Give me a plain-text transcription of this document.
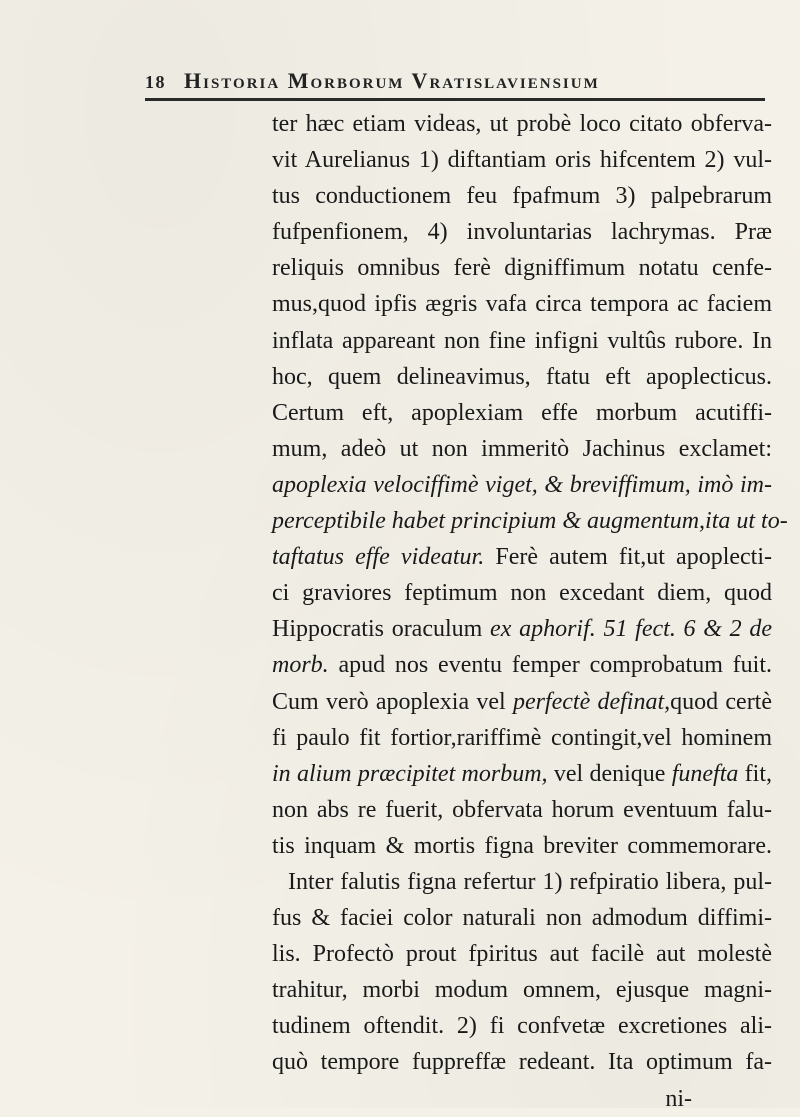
18 Historia Morborum Vratislaviensium
ter hæc etiam videas, ut probè loco citato obferva-
vit Aurelianus 1) diftantiam oris hifcentem 2) vul-
tus conductionem feu fpafmum 3) palpebrarum
fufpenfionem, 4) involuntarias lachrymas. Præ
reliquis omnibus ferè digniffimum notatu cenfe-
mus,quod ipfis ægris vafa circa tempora ac faciem
inflata appareant non fine infigni vultûs rubore. In
hoc, quem delineavimus, ftatu eft apoplecticus.
Certum eft, apoplexiam effe morbum acutiffi-
mum, adeò ut non immeritò Jachinus exclamet:
apoplexia velociffimè viget, & breviffimum, imò im-
perceptibile habet principium & augmentum,ita ut to-
taftatus effe videatur. Ferè autem fit,ut apoplecti-
ci graviores feptimum non excedant diem, quod
Hippocratis oraculum ex aphorif. 51 fect. 6 & 2 de
morb. apud nos eventu femper comprobatum fuit.
Cum verò apoplexia vel perfectè definat,quod certè
fi paulo fit fortior,rariffimè contingit,vel hominem
in alium præcipitet morbum, vel denique funefta fit,
non abs re fuerit, obfervata horum eventuum falu-
tis inquam & mortis figna breviter commemorare.
Inter falutis figna refertur 1) refpiratio libera, pul-
fus & faciei color naturali non admodum diffimi-
lis. Profectò prout fpiritus aut facilè aut molestè
trahitur, morbi modum omnem, ejusque magni-
tudinem oftendit. 2) fi confvetæ excretiones ali-
quò tempore fuppreffæ redeant. Ita optimum fa-
ni-
